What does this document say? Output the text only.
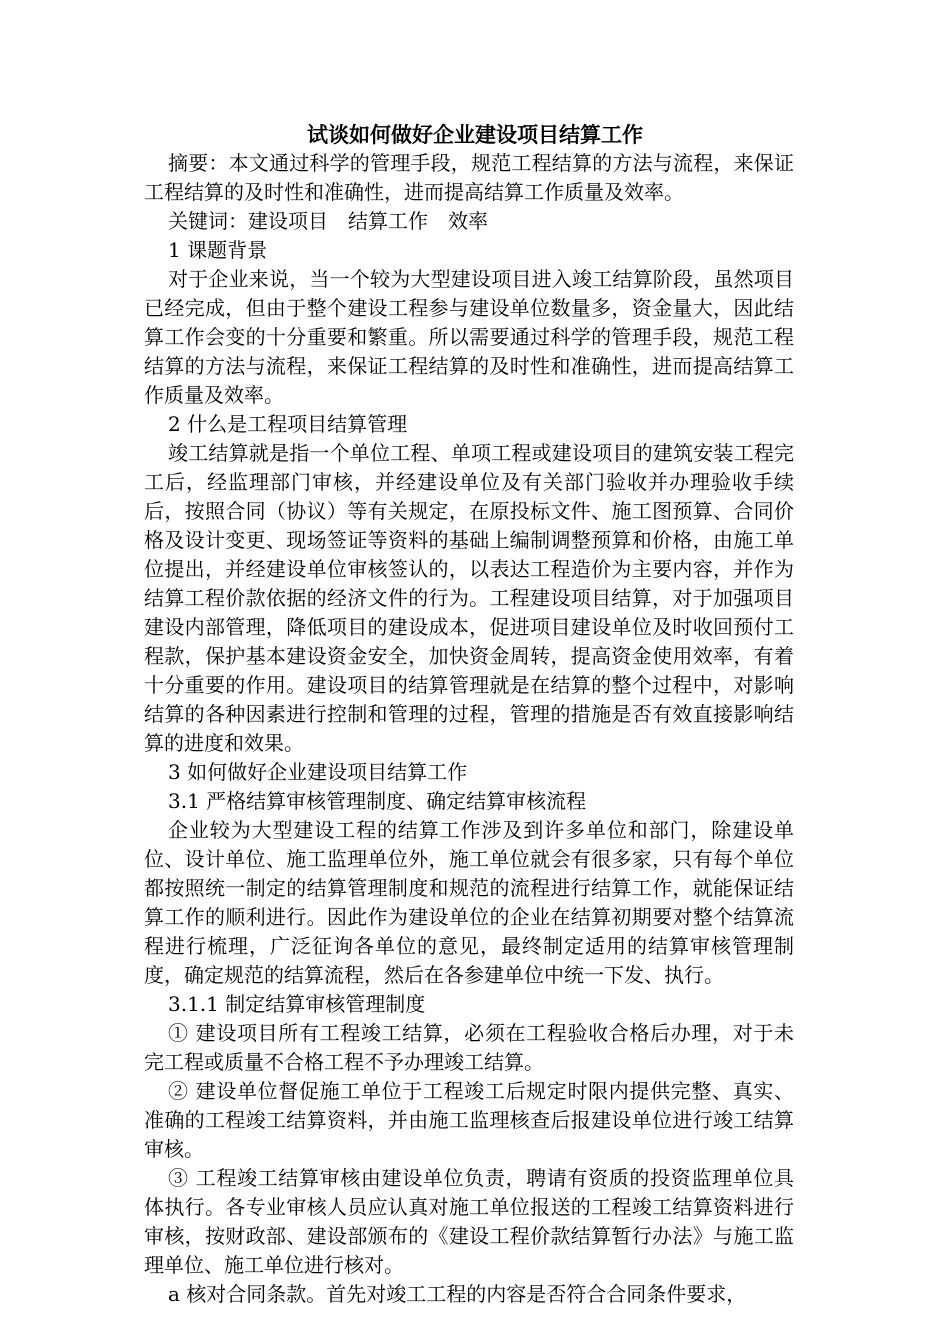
试谈如何做好企业建设项目结算工作

摘要：本文通过科学的管理手段，规范工程结算的方法与流程，来保证工程结算的及时性和准确性，进而提高结算工作质量及效率。

关键词：建设项目　结算工作　效率

1 课题背景

对于企业来说，当一个较为大型建设项目进入竣工结算阶段，虽然项目已经完成，但由于整个建设工程参与建设单位数量多，资金量大，因此结算工作会变的十分重要和繁重。所以需要通过科学的管理手段，规范工程结算的方法与流程，来保证工程结算的及时性和准确性，进而提高结算工作质量及效率。

2 什么是工程项目结算管理

竣工结算就是指一个单位工程、单项工程或建设项目的建筑安装工程完工后，经监理部门审核，并经建设单位及有关部门验收并办理验收手续后，按照合同（协议）等有关规定，在原投标文件、施工图预算、合同价格及设计变更、现场签证等资料的基础上编制调整预算和价格，由施工单位提出，并经建设单位审核签认的，以表达工程造价为主要内容，并作为结算工程价款依据的经济文件的行为。工程建设项目结算，对于加强项目建设内部管理，降低项目的建设成本，促进项目建设单位及时收回预付工程款，保护基本建设资金安全，加快资金周转，提高资金使用效率，有着十分重要的作用。建设项目的结算管理就是在结算的整个过程中，对影响结算的各种因素进行控制和管理的过程，管理的措施是否有效直接影响结算的进度和效果。

3 如何做好企业建设项目结算工作

3.1 严格结算审核管理制度、确定结算审核流程

企业较为大型建设工程的结算工作涉及到许多单位和部门，除建设单位、设计单位、施工监理单位外，施工单位就会有很多家，只有每个单位都按照统一制定的结算管理制度和规范的流程进行结算工作，就能保证结算工作的顺利进行。因此作为建设单位的企业在结算初期要对整个结算流程进行梳理，广泛征询各单位的意见，最终制定适用的结算审核管理制度，确定规范的结算流程，然后在各参建单位中统一下发、执行。

3.1.1 制定结算审核管理制度

① 建设项目所有工程竣工结算，必须在工程验收合格后办理，对于未完工程或质量不合格工程不予办理竣工结算。

② 建设单位督促施工单位于工程竣工后规定时限内提供完整、真实、准确的工程竣工结算资料，并由施工监理核查后报建设单位进行竣工结算审核。

③ 工程竣工结算审核由建设单位负责，聘请有资质的投资监理单位具体执行。各专业审核人员应认真对施工单位报送的工程竣工结算资料进行审核，按财政部、建设部颁布的《建设工程价款结算暂行办法》与施工监理单位、施工单位进行核对。

a 核对合同条款。首先对竣工工程的内容是否符合合同条件要求，
